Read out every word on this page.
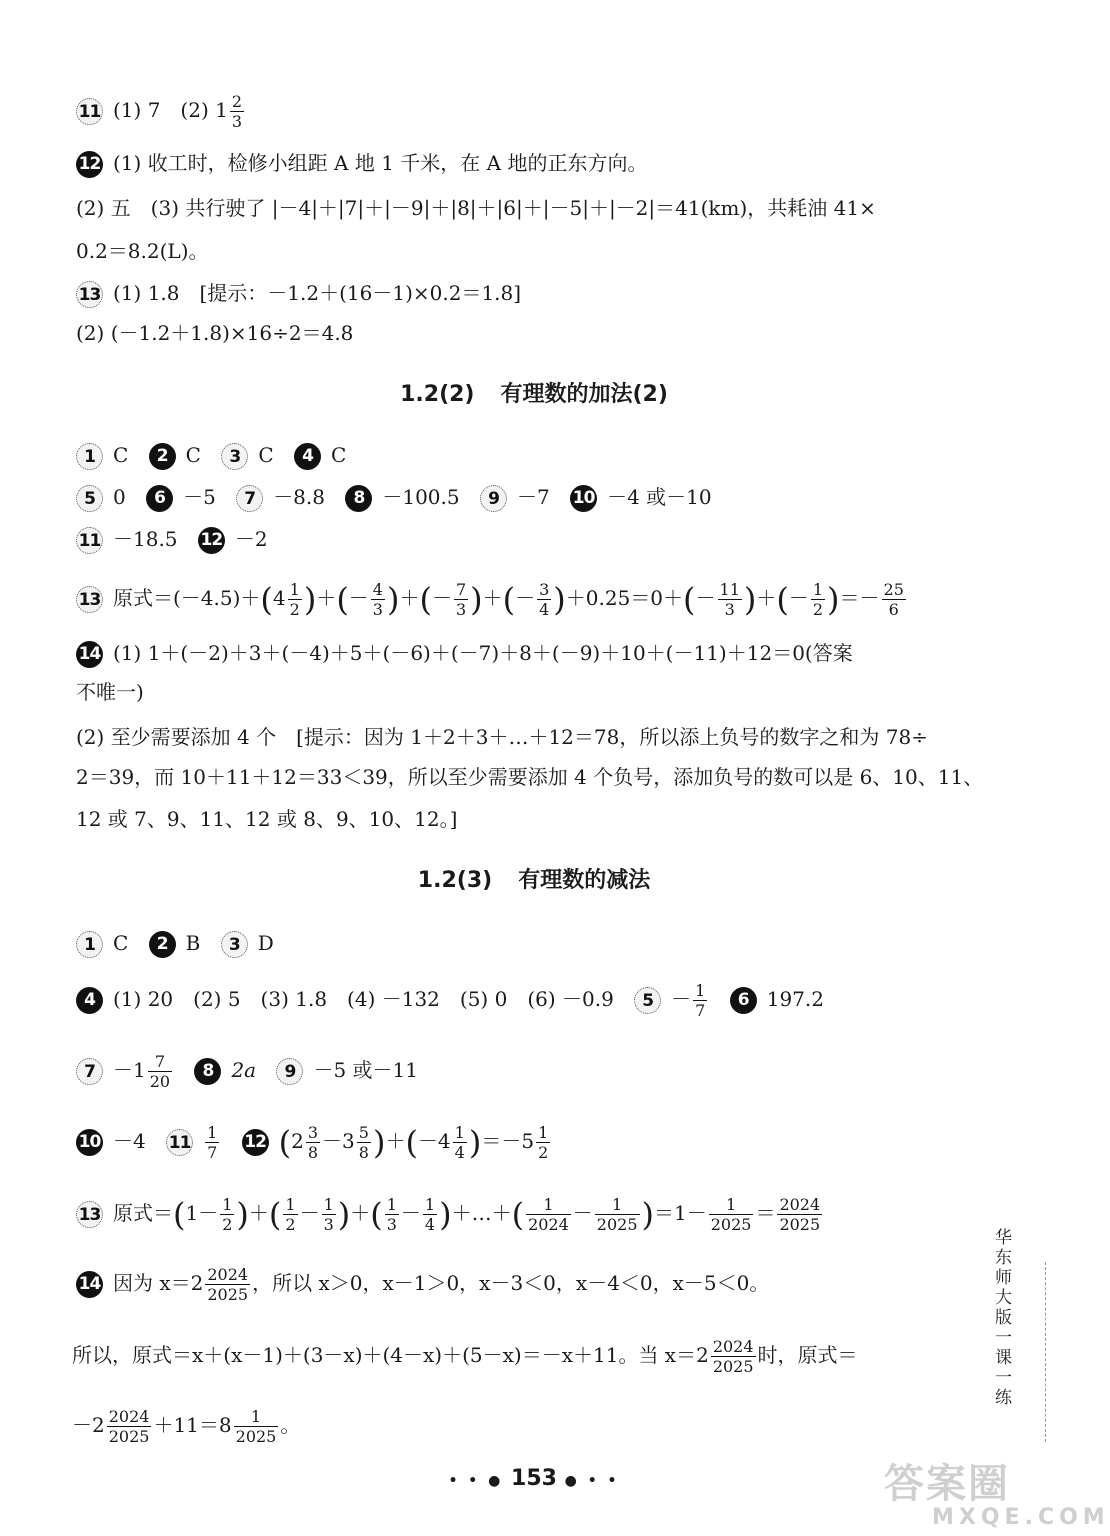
11 (1) 7　(2) $1 \frac{2}{3}$
12 (1) 收工时，检修小组距 A 地 1 千米，在 A 地的正东方向。
(2) 五　(3) 共行驶了 |－4|＋|7|＋|－9|＋|8|＋|6|＋|－5|＋|－2|＝41(km)，共耗油 41×
0.2＝8.2(L)。
13 (1) 1.8　[提示：－1.2＋(16－1)×0.2＝1.8]
(2) (－1.2＋1.8)×16÷2＝4.8
1.2(2) 有理数的加法(2)
1 C 2 C 3 C 4 C
5 0 6 －5 7 －8.8 8 －100.5 9 －7 10 －4 或－10
11 －18.5 12 －2
13 原式$=(-4.5)+(4 \frac{1}{2}$ )＋(－ $\frac{4}{3}$ )＋(－ $\frac{7}{3}$ )＋(－ $\frac{3}{4} )+0.25=0+(- \frac{11}{3}$ )＋(－ $\frac{1}{2}$ )＝－ $\frac{25}{6}$
14 (1) 1＋(－2)＋3＋(－4)＋5＋(－6)＋(－7)＋8＋(－9)＋10＋(－11)＋12＝0(答案
不唯一)
(2) 至少需要添加 4 个　[提示：因为 1＋2＋3＋…＋12＝78，所以添上负号的数字之和为 78÷
2＝39，而 10＋11＋12＝33＜39，所以至少需要添加 4 个负号，添加负号的数可以是 6、10、11、
12 或 7、9、11、12 或 8、9、10、12。]
1.2(3) 有理数的减法
1 C 2 B 3 D
4 (1) 20　(2) 5　(3) 1.8　(4) －132　(5) 0　(6) －0.9 $5 - \frac{1}{7} 6$ 197.2
$7 -1 \frac{7}{20} 8$ 2a 9 －5 或－11
10 －4 $11 \frac{1}{7} 12$ $(2 \frac{3}{8} -3 \frac{5}{8} )+(-4 \frac{1}{4} )=-5 \frac{1}{2}$
13 原式$=(1- \frac{1}{2}$ )＋( $\frac{1}{2} - \frac{1}{3}$ )＋( $\frac{1}{3} - \frac{1}{4}$ )＋…＋( $\frac{1}{2024} - \frac{1}{2025} )=1- \frac{1}{2025} = \frac{2024}{2025}$
14 因为 $x=2 \frac{2024}{2025}$ ，所以 x＞0，x－1＞0，x－3＜0，x－4＜0，x－5＜0。
所以，原式＝x＋(x－1)＋(3－x)＋(4－x)＋(5－x)＝－x＋11。当 $x=2 \frac{2024}{2025}$ 时，原式＝
$-2 \frac{2024}{2025} +11=8 \frac{1}{2025}$ 。
华东师大版一课一练
• • ● 153 ● • •	答案圈
MXQE.COM
